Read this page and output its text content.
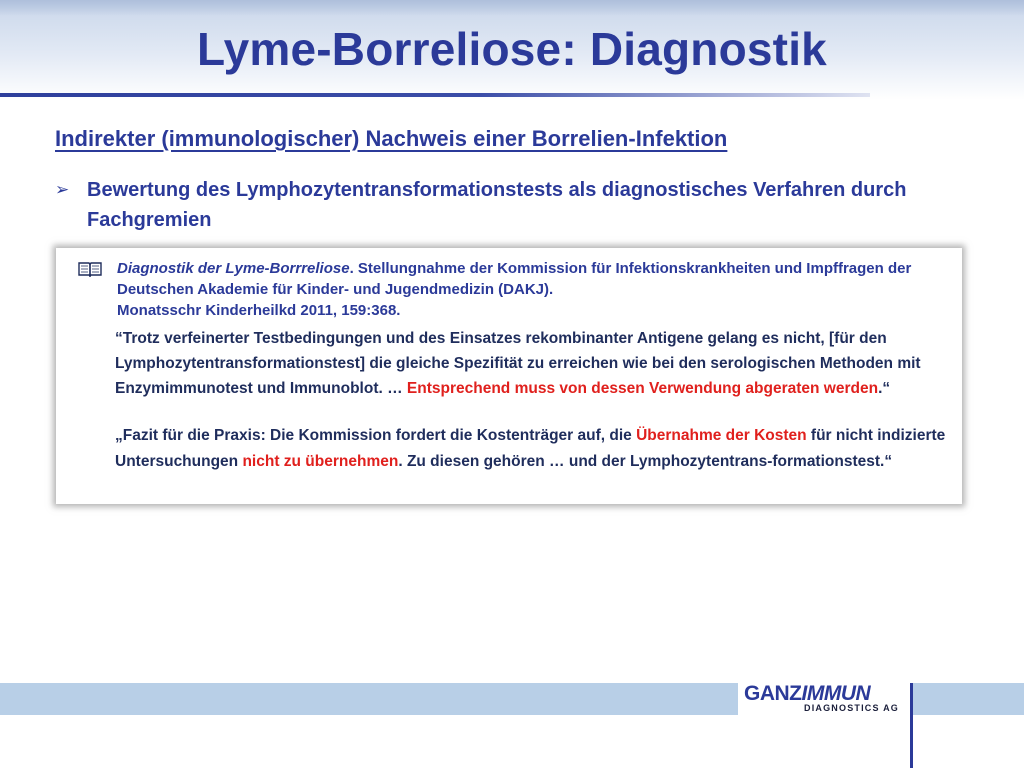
Lyme-Borreliose: Diagnostik
Indirekter (immunologischer) Nachweis einer Borrelien-Infektion
➢ Bewertung des Lymphozytentransformationstests als diagnostisches Verfahren durch Fachgremien
Diagnostik der Lyme-Borrreliose. Stellungnahme der Kommission für Infektionskrankheiten und Impffragen der Deutschen Akademie für Kinder- und Jugendmedizin (DAKJ).
Monatsschr Kinderheilkd 2011, 159:368.
“Trotz verfeinerter Testbedingungen und des Einsatzes rekombinanter Antigene gelang es nicht, [für den Lymphozytentransformationstest] die gleiche Spezifität zu erreichen wie bei den serologischen Methoden mit Enzymimmunotest und Immunoblot. … Entsprechend muss von dessen Verwendung abgeraten werden.“
„Fazit für die Praxis: Die Kommission fordert die Kostenträger auf, die Übernahme der Kosten für nicht indizierte Untersuchungen nicht zu übernehmen. Zu diesen gehören … und der Lymphozytentrans-formationstest.“
GANZIMMUN
DIAGNOSTICS AG
